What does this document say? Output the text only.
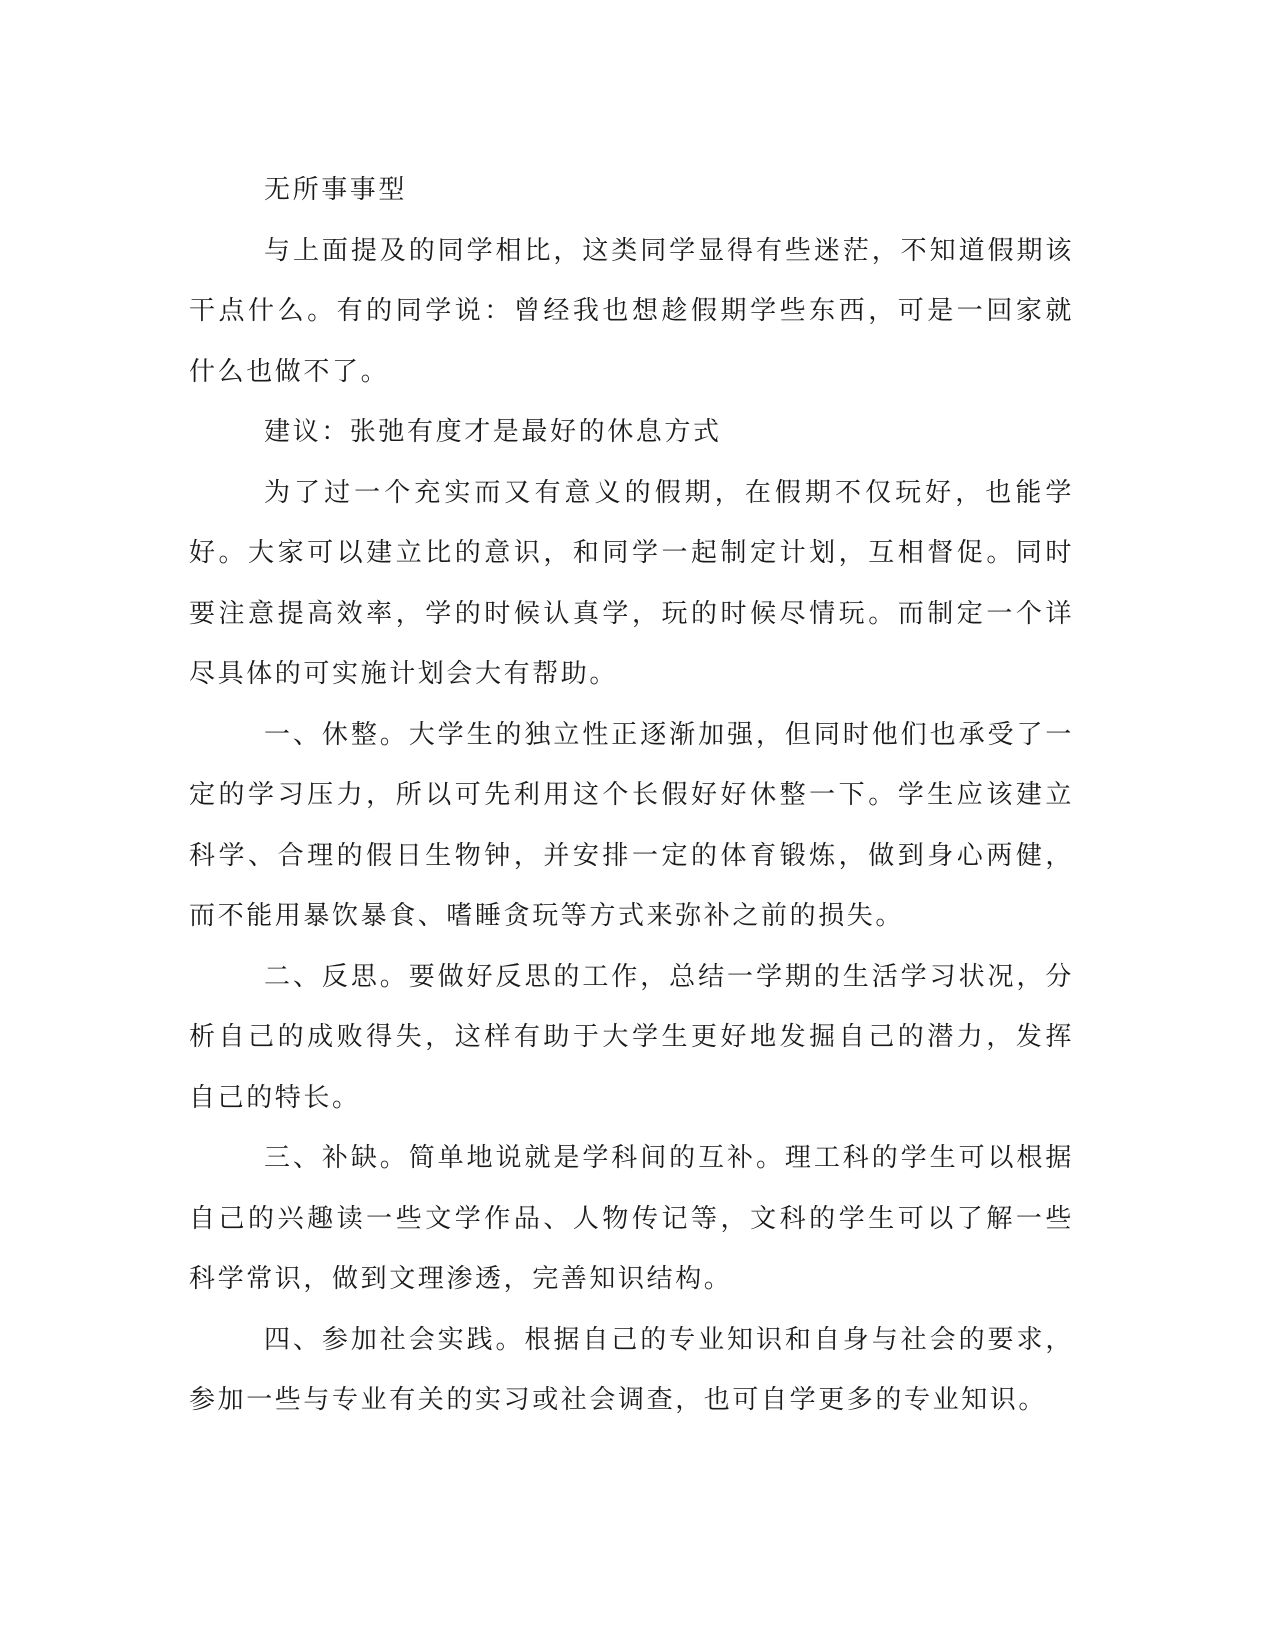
无所事事型

与上面提及的同学相比，这类同学显得有些迷茫，不知道假期该干点什么。有的同学说：曾经我也想趁假期学些东西，可是一回家就什么也做不了。

建议：张弛有度才是最好的休息方式

为了过一个充实而又有意义的假期，在假期不仅玩好，也能学好。大家可以建立比的意识，和同学一起制定计划，互相督促。同时要注意提高效率，学的时候认真学，玩的时候尽情玩。而制定一个详尽具体的可实施计划会大有帮助。

一、休整。大学生的独立性正逐渐加强，但同时他们也承受了一定的学习压力，所以可先利用这个长假好好休整一下。学生应该建立科学、合理的假日生物钟，并安排一定的体育锻炼，做到身心两健，而不能用暴饮暴食、嗜睡贪玩等方式来弥补之前的损失。

二、反思。要做好反思的工作，总结一学期的生活学习状况，分析自己的成败得失，这样有助于大学生更好地发掘自己的潜力，发挥自己的特长。

三、补缺。简单地说就是学科间的互补。理工科的学生可以根据自己的兴趣读一些文学作品、人物传记等，文科的学生可以了解一些科学常识，做到文理渗透，完善知识结构。

四、参加社会实践。根据自己的专业知识和自身与社会的要求，参加一些与专业有关的实习或社会调查，也可自学更多的专业知识。
